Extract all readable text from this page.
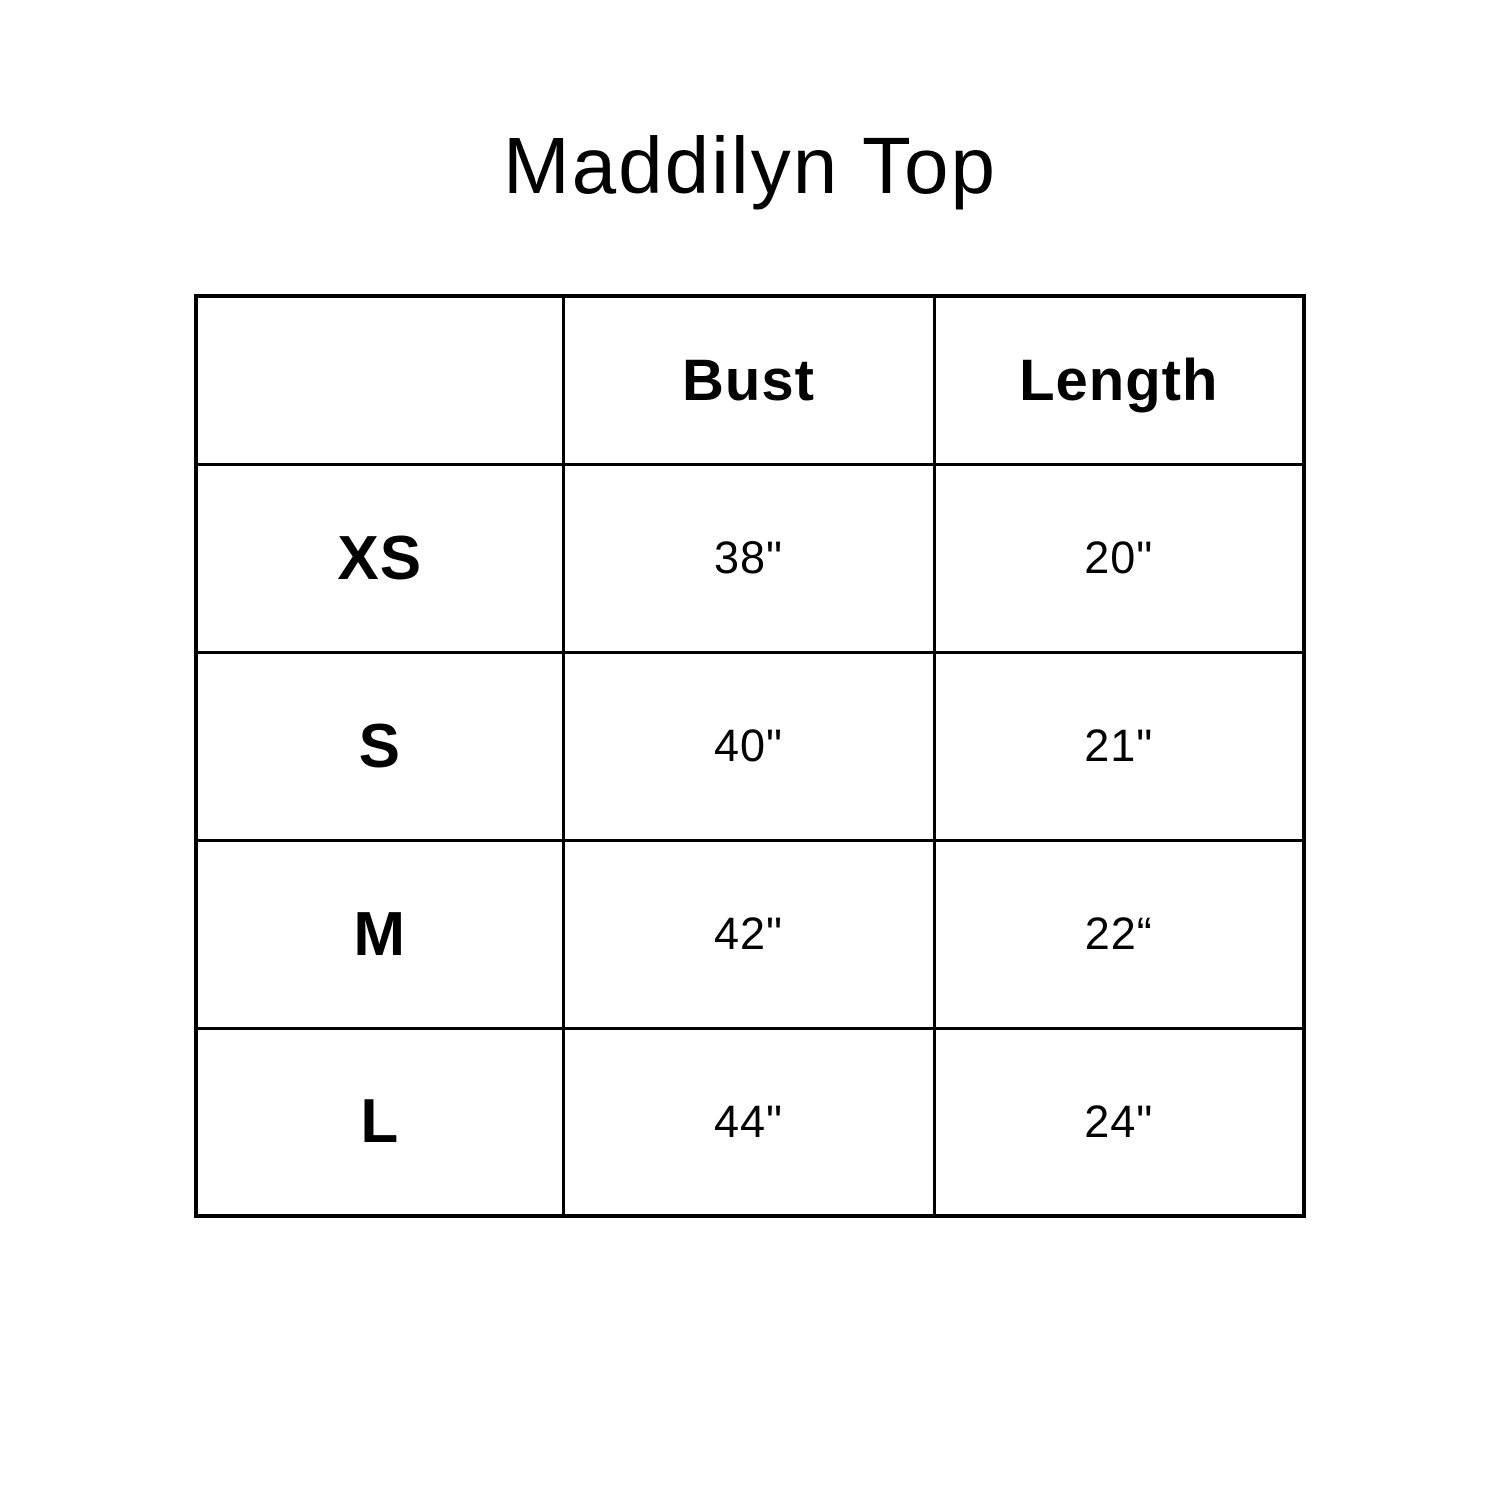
Maddilyn Top
	Bust	Length
XS	38"	20"
S	40"	21"
M	42"	22“
L	44"	24"
